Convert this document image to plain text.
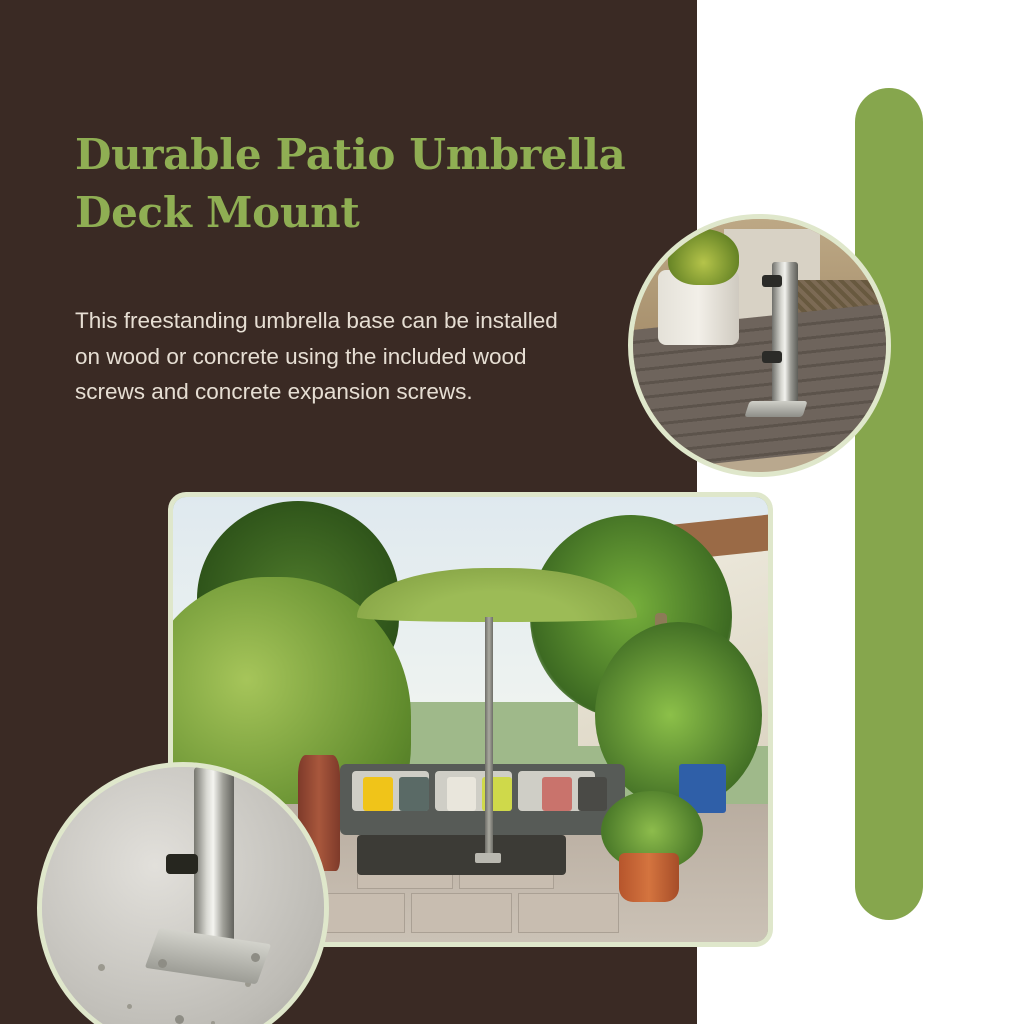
Durable Patio Umbrella
Deck Mount
This freestanding umbrella base can be installed on wood or concrete using the included wood screws and concrete expansion screws.
